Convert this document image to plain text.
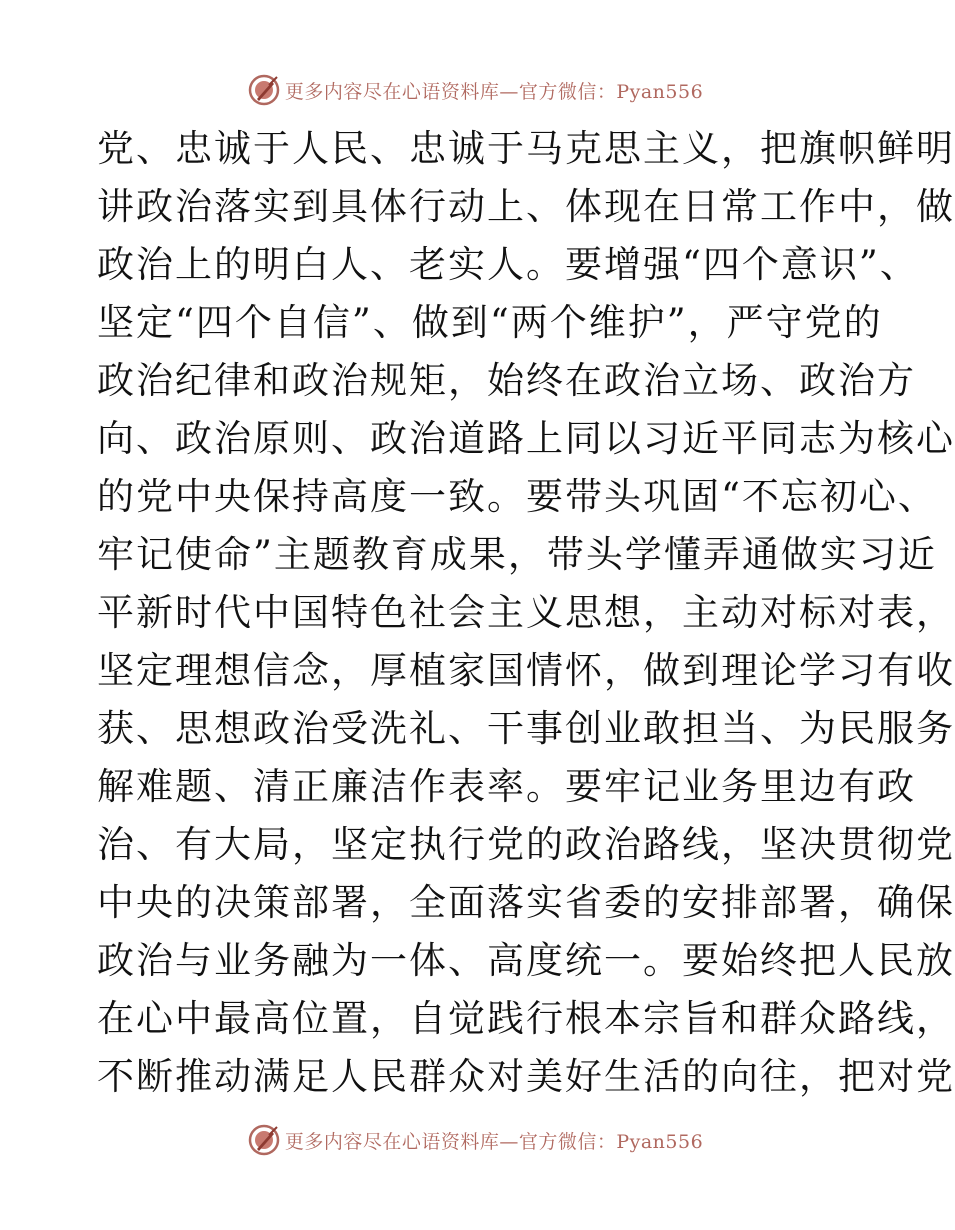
更多内容尽在心语资料库—官方微信：Pyan556
党、忠诚于人民、忠诚于马克思主义，把旗帜鲜明
讲政治落实到具体行动上、体现在日常工作中，做
政治上的明白人、老实人。要增强“四个意识”、
坚定“四个自信”、做到“两个维护”，严守党的
政治纪律和政治规矩，始终在政治立场、政治方
向、政治原则、政治道路上同以习近平同志为核心
的党中央保持高度一致。要带头巩固“不忘初心、
牢记使命”主题教育成果，带头学懂弄通做实习近
平新时代中国特色社会主义思想，主动对标对表，
坚定理想信念，厚植家国情怀，做到理论学习有收
获、思想政治受洗礼、干事创业敢担当、为民服务
解难题、清正廉洁作表率。要牢记业务里边有政
治、有大局，坚定执行党的政治路线，坚决贯彻党
中央的决策部署，全面落实省委的安排部署，确保
政治与业务融为一体、高度统一。要始终把人民放
在心中最高位置，自觉践行根本宗旨和群众路线，
不断推动满足人民群众对美好生活的向往，把对党
更多内容尽在心语资料库—官方微信：Pyan556
